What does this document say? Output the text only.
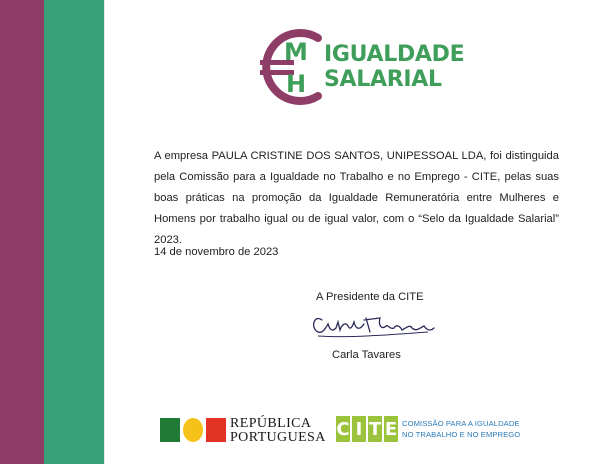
M
H
IGUALDADE
SALARIAL
A empresa PAULA CRISTINE DOS SANTOS, UNIPESSOAL LDA, foi distinguida pela Comissão para a Igualdade no Trabalho e no Emprego - CITE, pelas suas boas práticas na promoção da Igualdade Remuneratória entre Mulheres e Homens por trabalho igual ou de igual valor, com o “Selo da Igualdade Salarial” 2023.
14 de novembro de 2023
A Presidente da CITE
Carla Tavares
REPÚBLICA
PORTUGUESA C I T E COMISSÃO PARA A IGUALDADE
NO TRABALHO E NO EMPREGO
